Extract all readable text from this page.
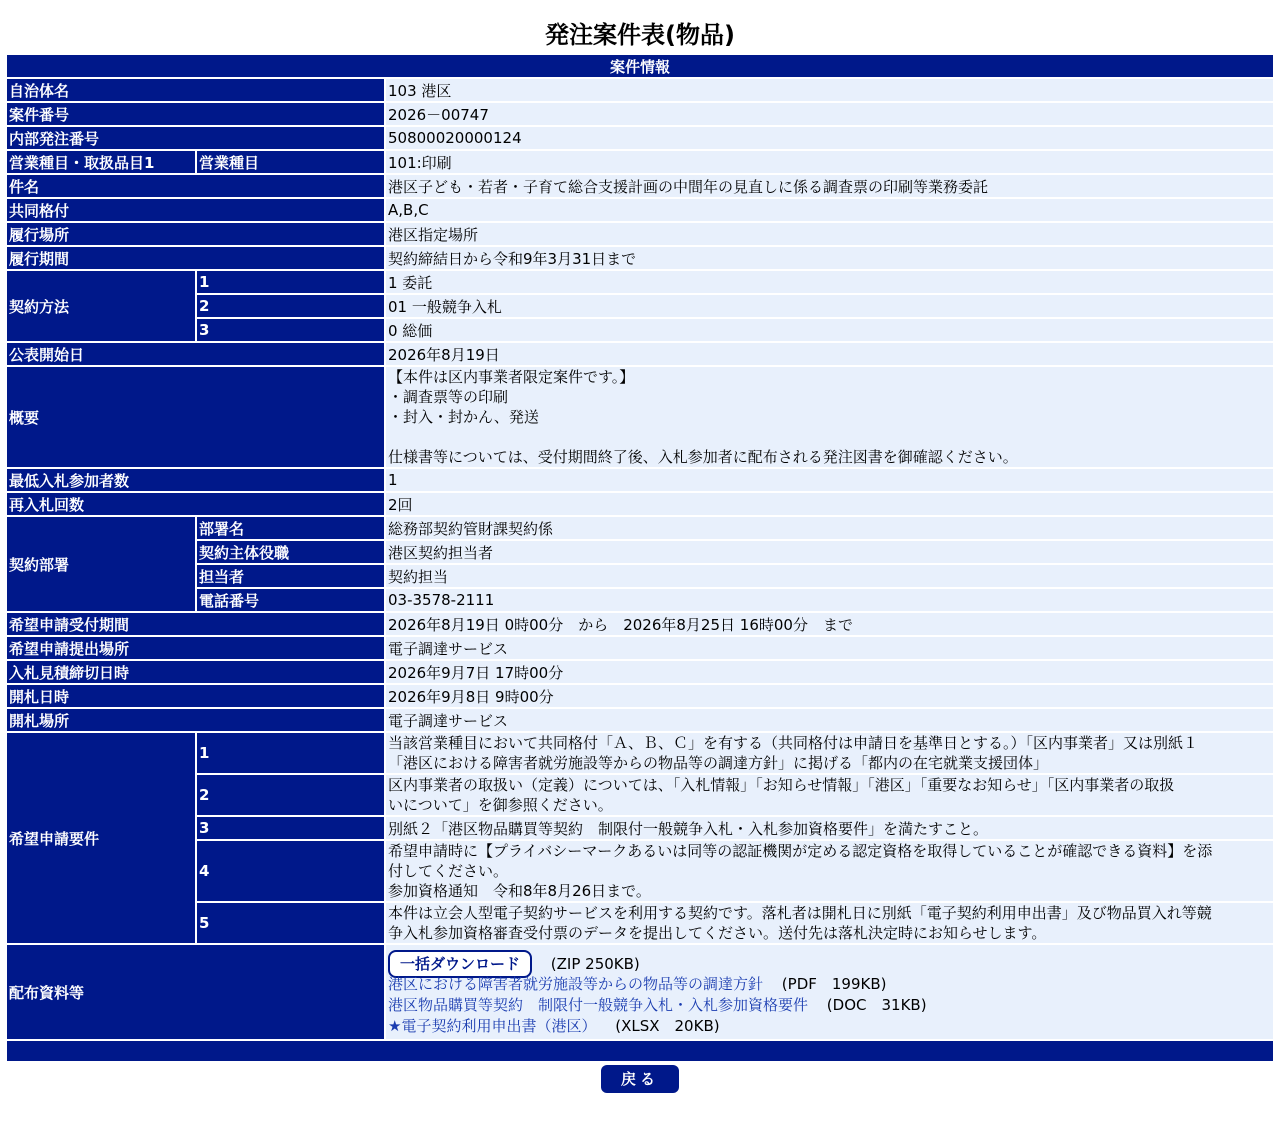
発注案件表(物品)
案件情報		
自治体名		103 港区
案件番号		2026－00747
内部発注番号		50800020000124
営業種目・取扱品目1	営業種目	101:印刷
件名		港区子ども・若者・子育て総合支援計画の中間年の見直しに係る調査票の印刷等業務委託
共同格付		A,B,C
履行場所		港区指定場所
履行期間		契約締結日から令和9年3月31日まで
契約方法	1	1 委託
	2	01 一般競争入札
	3	0 総価
公表開始日		2026年8月19日
概要		【本件は区内事業者限定案件です。】
・調査票等の印刷
・封入・封かん、発送
仕様書等については、受付期間終了後、入札参加者に配布される発注図書を御確認ください。

最低入札参加者数		1
再入札回数		2回
契約部署	部署名	総務部契約管財課契約係
	契約主体役職	港区契約担当者
	担当者	契約担当
	電話番号	03-3578-2111
希望申請受付期間		2026年8月19日 0時00分　から　2026年8月25日 16時00分　まで
希望申請提出場所		電子調達サービス
入札見積締切日時		2026年9月7日 17時00分
開札日時		2026年9月8日 9時00分
開札場所		電子調達サービス
希望申請要件	1	当該営業種目において共同格付「Ａ、Ｂ、Ｃ」を有する（共同格付は申請日を基準日とする。）「区内事業者」又は別紙１
「港区における障害者就労施設等からの物品等の調達方針」に掲げる「都内の在宅就業支援団体」

	2	区内事業者の取扱い（定義）については、「入札情報」「お知らせ情報」「港区」「重要なお知らせ」「区内事業者の取扱
いについて」を御参照ください。

	3	別紙２「港区物品購買等契約　制限付一般競争入札・入札参加資格要件」を満たすこと。

	4	希望申請時に【プライバシーマークあるいは同等の認証機関が定める認定資格を取得していることが確認できる資料】を添
付してください。
参加資格通知　令和8年8月26日まで。

	5	本件は立会人型電子契約サービスを利用する契約です。落札者は開札日に別紙「電子契約利用申出書」及び物品買入れ等競
争入札参加資格審査受付票のデータを提出してください。送付先は落札決定時にお知らせします。

配布資料等		一括ダウンロード (ZIP 250KB)
港区における障害者就労施設等からの物品等の調達方針 (PDF　199KB)
港区物品購買等契約　制限付一般競争入札・入札参加資格要件 (DOC　31KB)
★電子契約利用申出書（港区） (XLSX　20KB)

戻る
